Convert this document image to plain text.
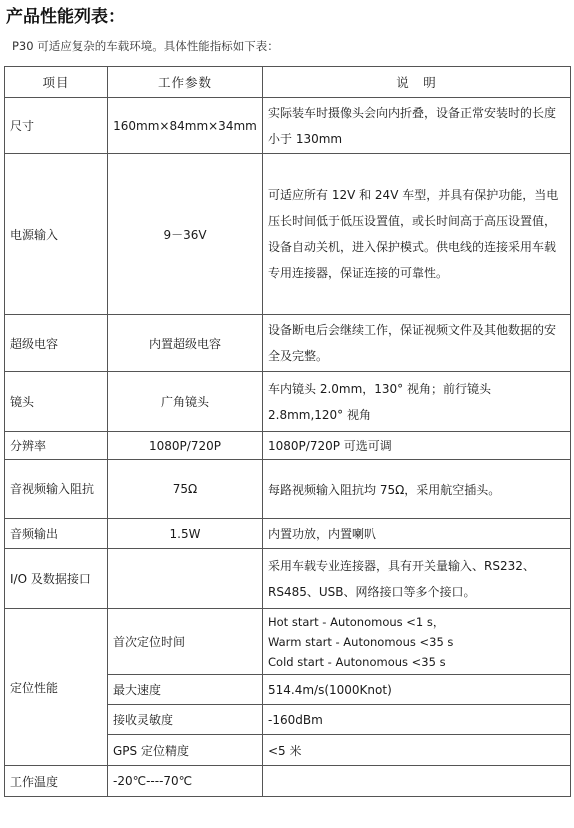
产品性能列表：
P30 可适应复杂的车载环境。具体性能指标如下表：
项目	工作参数	说　明
尺寸	160mm×84mm×34mm	实际装车时摄像头会向内折叠，设备正常安装时的长度小于 130mm
电源输入	9－36V	可适应所有 12V 和 24V 车型，并具有保护功能，当电压长时间低于低压设置值，或长时间高于高压设置值，设备自动关机，进入保护模式。供电线的连接采用车载专用连接器，保证连接的可靠性。
超级电容	内置超级电容	设备断电后会继续工作，保证视频文件及其他数据的安全及完整。
镜头	广角镜头	车内镜头 2.0mm，130° 视角；前行镜头 2.8mm,120° 视角
分辨率	1080P/720P	1080P/720P 可选可调
音视频输入阻抗	75Ω	每路视频输入阻抗均 75Ω，采用航空插头。
音频输出	1.5W	内置功放，内置喇叭
I/O 及数据接口		采用车载专业连接器，具有开关量输入、RS232、RS485、USB、网络接口等多个接口。
定位性能	首次定位时间	Hot start - Autonomous <1 s，
Warm start - Autonomous <35 s
Cold start - Autonomous <35 s

	最大速度	514.4m/s(1000Knot)
	接收灵敏度	-160dBm
	GPS 定位精度	<5 米
工作温度	-20℃----70℃	
